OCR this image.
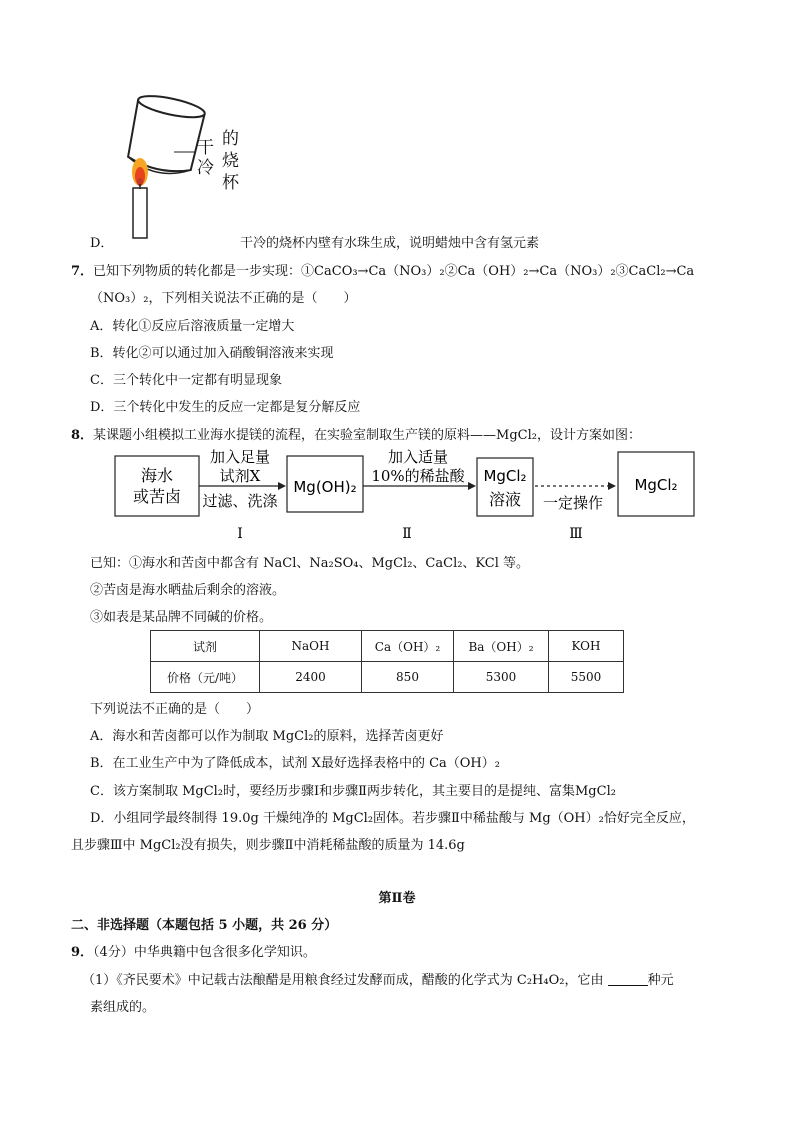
干
冷
的
烧
杯
D．	干冷的烧杯内壁有水珠生成，说明蜡烛中含有氢元素
7．已知下列物质的转化都是一步实现：①CaCO₃→Ca（NO₃）₂②Ca（OH）₂→Ca（NO₃）₂③CaCl₂→Ca
（NO₃）₂，下列相关说法不正确的是（　　）
A．转化①反应后溶液质量一定增大
B．转化②可以通过加入硝酸铜溶液来实现
C．三个转化中一定都有明显现象
D．三个转化中发生的反应一定都是复分解反应
8．某课题小组模拟工业海水提镁的流程，在实验室制取生产镁的原料——MgCl₂，设计方案如图：
海水
或苦卤
加入足量
试剂X
过滤、洗涤
Mg(OH)₂
加入适量
10%的稀盐酸 MgCl₂
溶液 一定操作
MgCl₂
Ⅰ	Ⅱ	Ⅲ
已知：①海水和苦卤中都含有 NaCl、Na₂SO₄、MgCl₂、CaCl₂、KCl 等。
②苦卤是海水晒盐后剩余的溶液。
③如表是某品牌不同碱的价格。
试剂	NaOH	Ca（OH）₂	Ba（OH）₂	KOH
价格（元/吨）	2400	850	5300	5500
下列说法不正确的是（　　）
A．海水和苦卤都可以作为制取 MgCl₂的原料，选择苦卤更好
B．在工业生产中为了降低成本，试剂 X最好选择表格中的 Ca（OH）₂
C．该方案制取 MgCl₂时，要经历步骤Ⅰ和步骤Ⅱ两步转化，其主要目的是提纯、富集MgCl₂
D．小组同学最终制得 19.0g 干燥纯净的 MgCl₂固体。若步骤Ⅱ中稀盐酸与 Mg（OH）₂恰好完全反应，
且步骤Ⅲ中 MgCl₂没有损失，则步骤Ⅱ中消耗稀盐酸的质量为 14.6g
第Ⅱ卷
二、非选择题（本题包括 5 小题，共 26 分）
9．（4分）中华典籍中包含很多化学知识。
（1）《齐民要术》中记载古法酿醋是用粮食经过发酵而成，醋酸的化学式为 C₂H₄O₂，它由	种元
素组成的。
